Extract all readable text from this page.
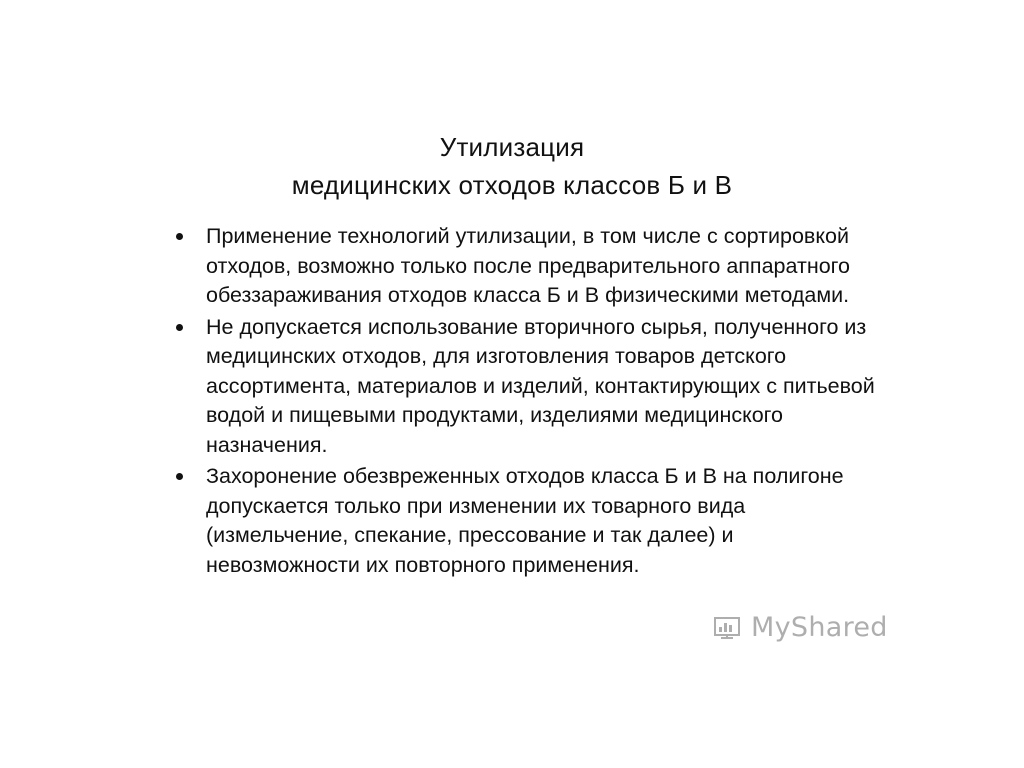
Утилизация
медицинских отходов классов Б и В
Применение технологий утилизации, в том числе с сортировкой отходов, возможно только после предварительного аппаратного обеззараживания отходов класса Б и В физическими методами.
Не допускается использование вторичного сырья, полученного из медицинских отходов, для изготовления товаров детского ассортимента, материалов и изделий, контактирующих с питьевой водой и пищевыми продуктами, изделиями медицинского назначения.
Захоронение обезвреженных отходов класса Б и В на полигоне допускается только при изменении их товарного вида (измельчение, спекание, прессование и так далее) и невозможности их повторного применения.
MyShared
